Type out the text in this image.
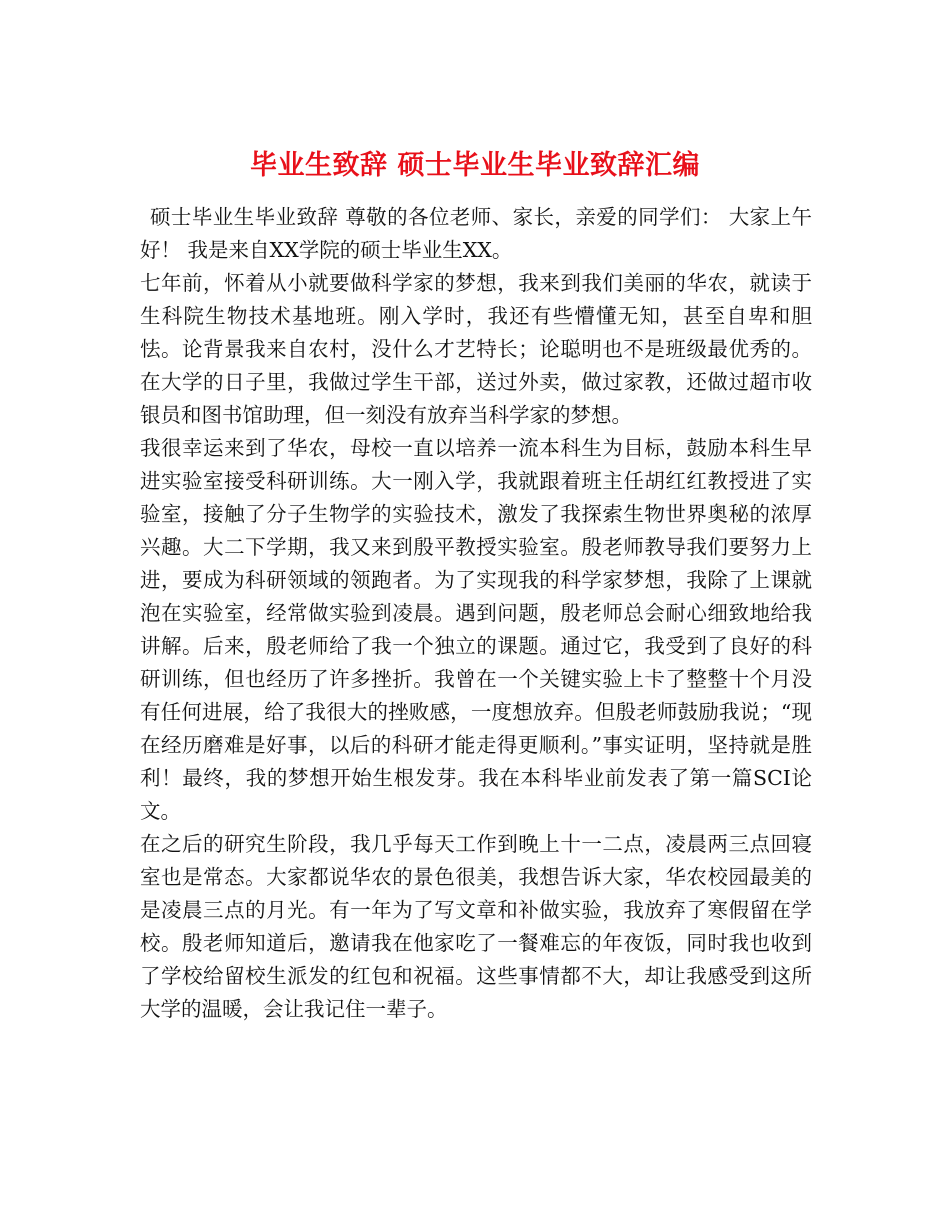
毕业生致辞 硕士毕业生毕业致辞汇编

硕士毕业生毕业致辞 尊敬的各位老师、家长，亲爱的同学们： 大家上午好！ 我是来自XX学院的硕士毕业生XX。

七年前，怀着从小就要做科学家的梦想，我来到我们美丽的华农，就读于生科院生物技术基地班。刚入学时，我还有些懵懂无知，甚至自卑和胆怯。论背景我来自农村，没什么才艺特长；论聪明也不是班级最优秀的。在大学的日子里，我做过学生干部，送过外卖，做过家教，还做过超市收银员和图书馆助理，但一刻没有放弃当科学家的梦想。

我很幸运来到了华农，母校一直以培养一流本科生为目标，鼓励本科生早进实验室接受科研训练。大一刚入学，我就跟着班主任胡红红教授进了实验室，接触了分子生物学的实验技术，激发了我探索生物世界奥秘的浓厚兴趣。大二下学期，我又来到殷平教授实验室。殷老师教导我们要努力上进，要成为科研领域的领跑者。为了实现我的科学家梦想，我除了上课就泡在实验室，经常做实验到凌晨。遇到问题，殷老师总会耐心细致地给我讲解。后来，殷老师给了我一个独立的课题。通过它，我受到了良好的科研训练，但也经历了许多挫折。我曾在一个关键实验上卡了整整十个月没有任何进展，给了我很大的挫败感，一度想放弃。但殷老师鼓励我说；“现在经历磨难是好事，以后的科研才能走得更顺利。”事实证明，坚持就是胜利！最终，我的梦想开始生根发芽。我在本科毕业前发表了第一篇SCI论文。

在之后的研究生阶段，我几乎每天工作到晚上十一二点，凌晨两三点回寝室也是常态。大家都说华农的景色很美，我想告诉大家，华农校园最美的是凌晨三点的月光。有一年为了写文章和补做实验，我放弃了寒假留在学校。殷老师知道后，邀请我在他家吃了一餐难忘的年夜饭，同时我也收到了学校给留校生派发的红包和祝福。这些事情都不大，却让我感受到这所大学的温暖，会让我记住一辈子。
